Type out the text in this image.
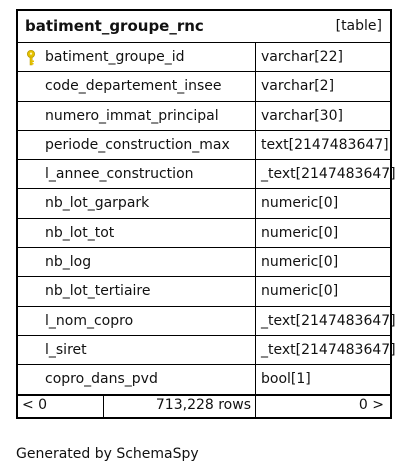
batiment_groupe_rnc	[table]
batiment_groupe_id	varchar[22]
code_departement_insee	varchar[2]
numero_immat_principal	varchar[30]
periode_construction_max text[2147483647]
l_annee_construction	_text[2147483647]
nb_lot_garpark	numeric[0]
nb_lot_tot	numeric[0]
nb_log	numeric[0]
nb_lot_tertiaire	numeric[0]
l_nom_copro	_text[2147483647]
l_siret	_text[2147483647]
copro_dans_pvd	bool[1]
< 0	713,228 rows	0 >
Generated by SchemaSpy
